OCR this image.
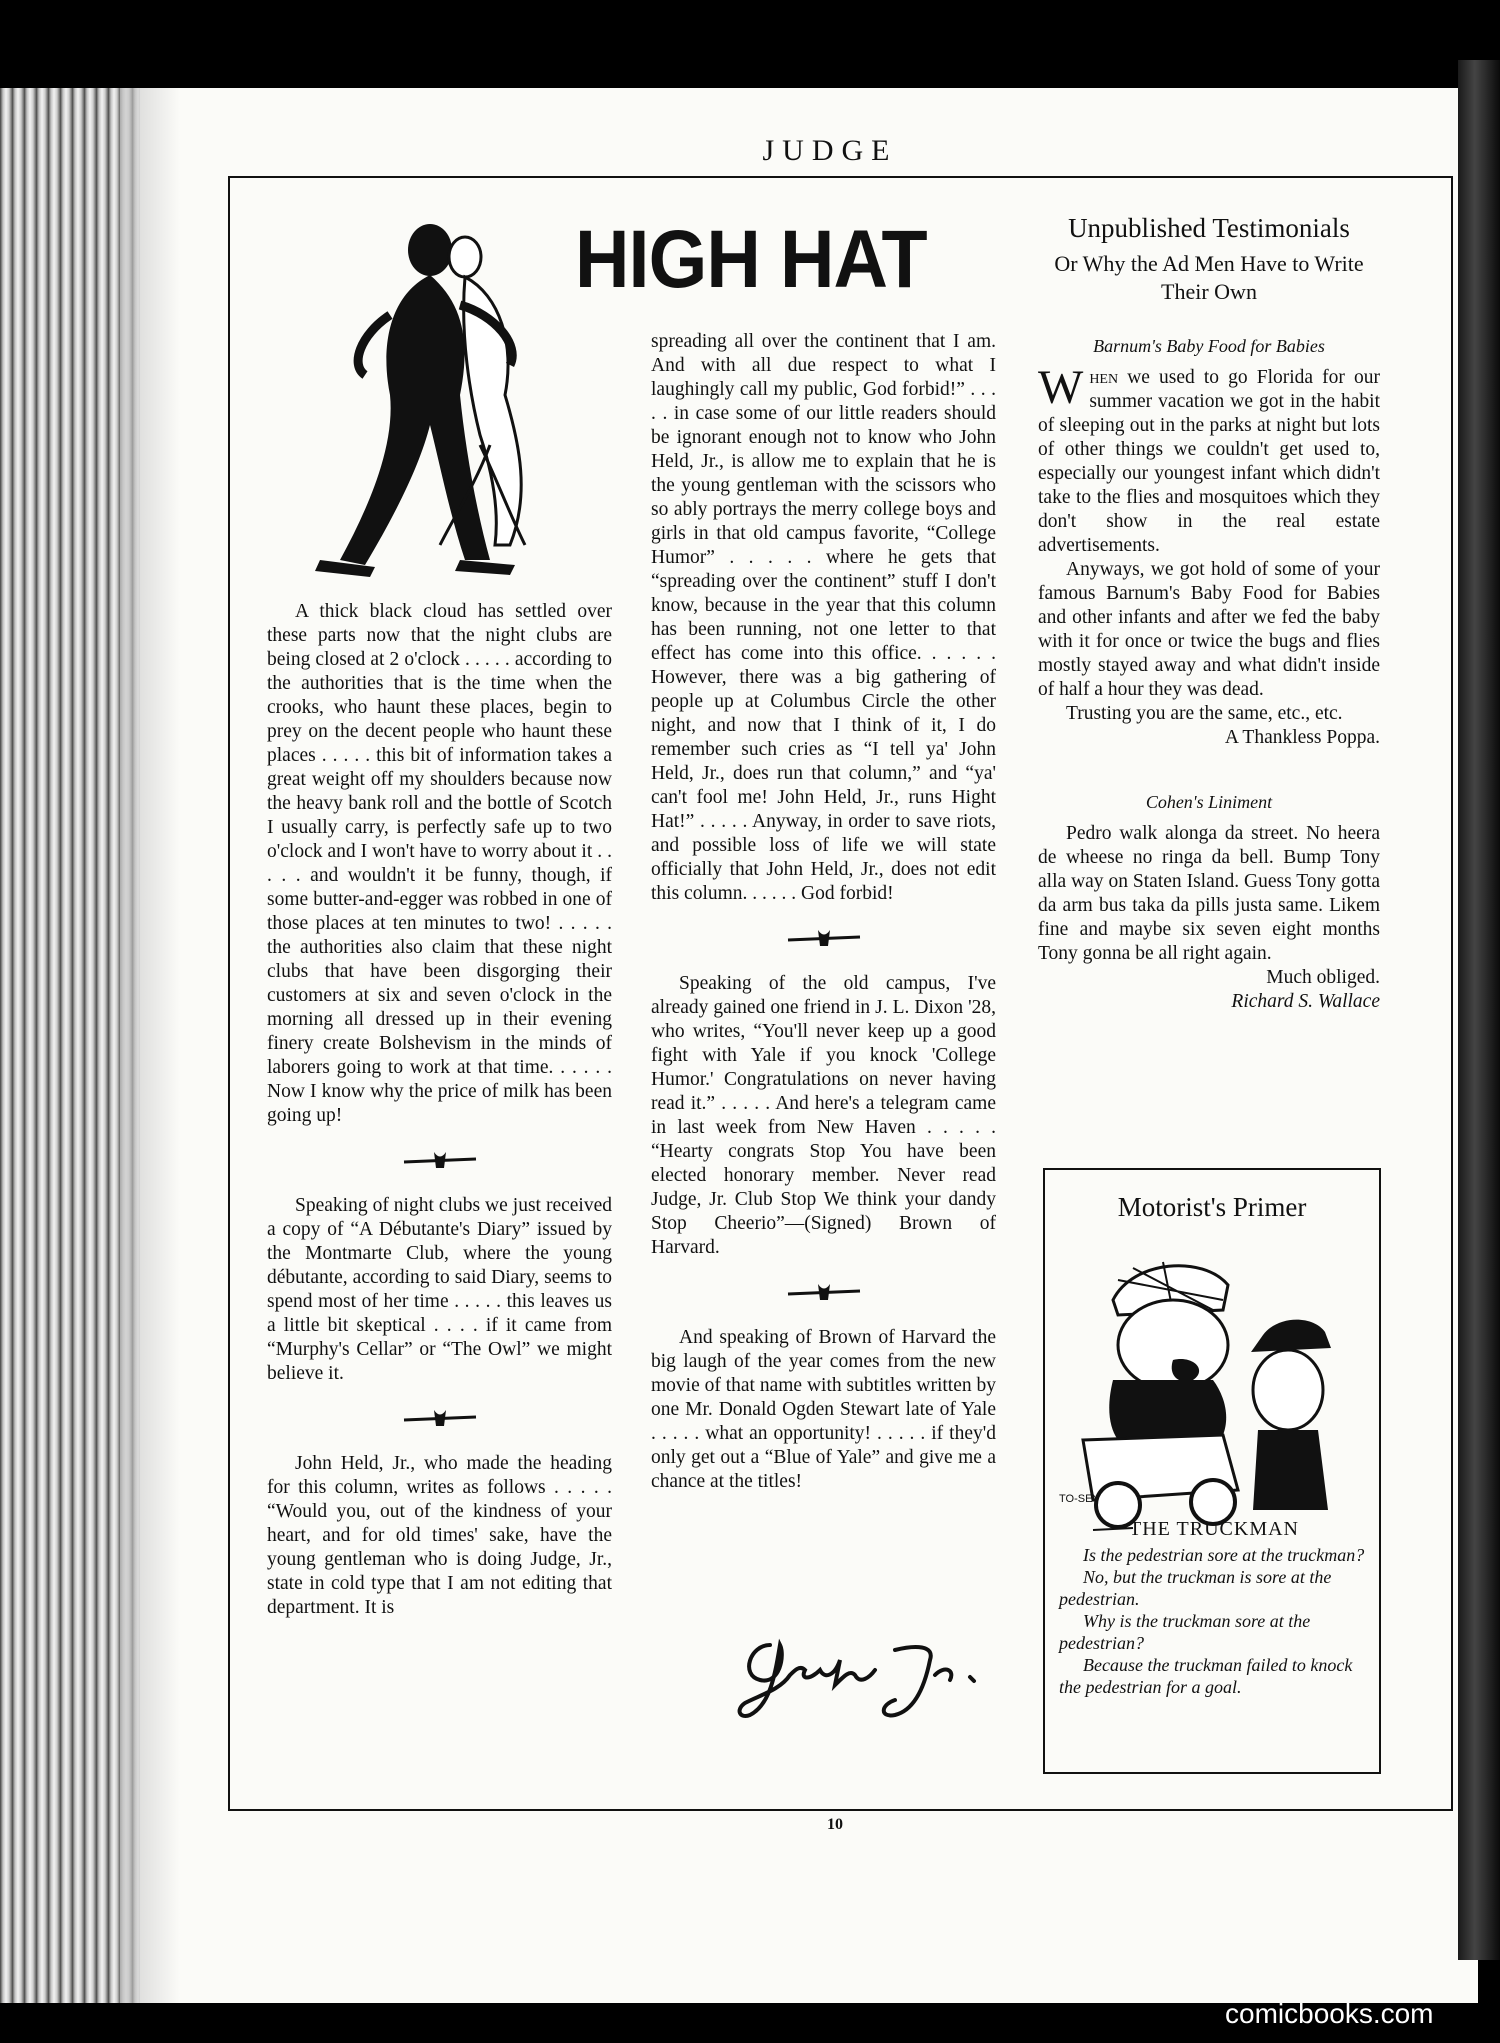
JUDGE
HIGH HAT

A thick black cloud has settled over these parts now that the night clubs are being closed at 2 o'clock . . . . . according to the authorities that is the time when the crooks, who haunt these places, begin to prey on the decent people who haunt these places . . . . . this bit of information takes a great weight off my shoulders because now the heavy bank roll and the bottle of Scotch I usually carry, is perfectly safe up to two o'clock and I won't have to worry about it . . . . . and wouldn't it be funny, though, if some butter-and-egger was robbed in one of those places at ten minutes to two! . . . . . the authorities also claim that these night clubs that have been disgorging their customers at six and seven o'clock in the morning all dressed up in their evening finery create Bolshevism in the minds of laborers going to work at that time. . . . . . Now I know why the price of milk has been going up!

Speaking of night clubs we just received a copy of “A Débutante's Diary” issued by the Montmarte Club, where the young débutante, according to said Diary, seems to spend most of her time . . . . . this leaves us a little bit skeptical . . . . if it came from “Murphy's Cellar” or “The Owl” we might believe it.

John Held, Jr., who made the heading for this column, writes as follows . . . . . “Would you, out of the kindness of your heart, and for old times' sake, have the young gentleman who is doing Judge, Jr., state in cold type that I am not editing that department. It is

spreading all over the continent that I am. And with all due respect to what I laughingly call my public, God forbid!” . . . . . in case some of our little readers should be ignorant enough not to know who John Held, Jr., is allow me to explain that he is the young gentleman with the scissors who so ably portrays the merry college boys and girls in that old campus favorite, “College Humor” . . . . . where he gets that “spreading over the continent” stuff I don't know, because in the year that this column has been running, not one letter to that effect has come into this office. . . . . . However, there was a big gathering of people up at Columbus Circle the other night, and now that I think of it, I do remember such cries as “I tell ya' John Held, Jr., does run that column,” and “ya' can't fool me! John Held, Jr., runs Hight Hat!” . . . . . Anyway, in order to save riots, and possible loss of life we will state officially that John Held, Jr., does not edit this column. . . . . . God forbid!

Speaking of the old campus, I've already gained one friend in J. L. Dixon '28, who writes, “You'll never keep up a good fight with Yale if you knock 'College Humor.' Congratulations on never having read it.” . . . . . And here's a telegram came in last week from New Haven . . . . . “Hearty congrats Stop You have been elected honorary member. Never read Judge, Jr. Club Stop We think your dandy Stop Cheerio”—(Signed) Brown of Harvard.

And speaking of Brown of Harvard the big laugh of the year comes from the new movie of that name with subtitles written by one Mr. Donald Ogden Stewart late of Yale . . . . . what an opportunity! . . . . . if they'd only get out a “Blue of Yale” and give me a chance at the titles!

Unpublished Testimonials
Or Why the Ad Men Have to Write Their Own
Barnum's Baby Food for Babies

When we used to go Florida for our summer vacation we got in the habit of sleeping out in the parks at night but lots of other things we couldn't get used to, especially our youngest infant which didn't take to the flies and mosquitoes which they don't show in the real estate advertisements.

Anyways, we got hold of some of your famous Barnum's Baby Food for Babies and other infants and after we fed the baby with it for once or twice the bugs and flies mostly stayed away and what didn't inside of half a hour they was dead.

Trusting you are the same, etc., etc.

A Thankless Poppa.

Cohen's Liniment

Pedro walk alonga da street. No heera de wheese no ringa da bell. Bump Tony alla way on Staten Island. Guess Tony gotta da arm bus taka da pills justa same. Likem fine and maybe six seven eight months Tony gonna be all right again.

Much obliged.

Richard S. Wallace

Motorist's Primer
TO-SEY
THE TRUCKMAN

Is the pedestrian sore at the truckman?

No, but the truckman is sore at the pedestrian.

Why is the truckman sore at the pedestrian?

Because the truckman failed to knock the pedestrian for a goal.

10
comicbooks.com
